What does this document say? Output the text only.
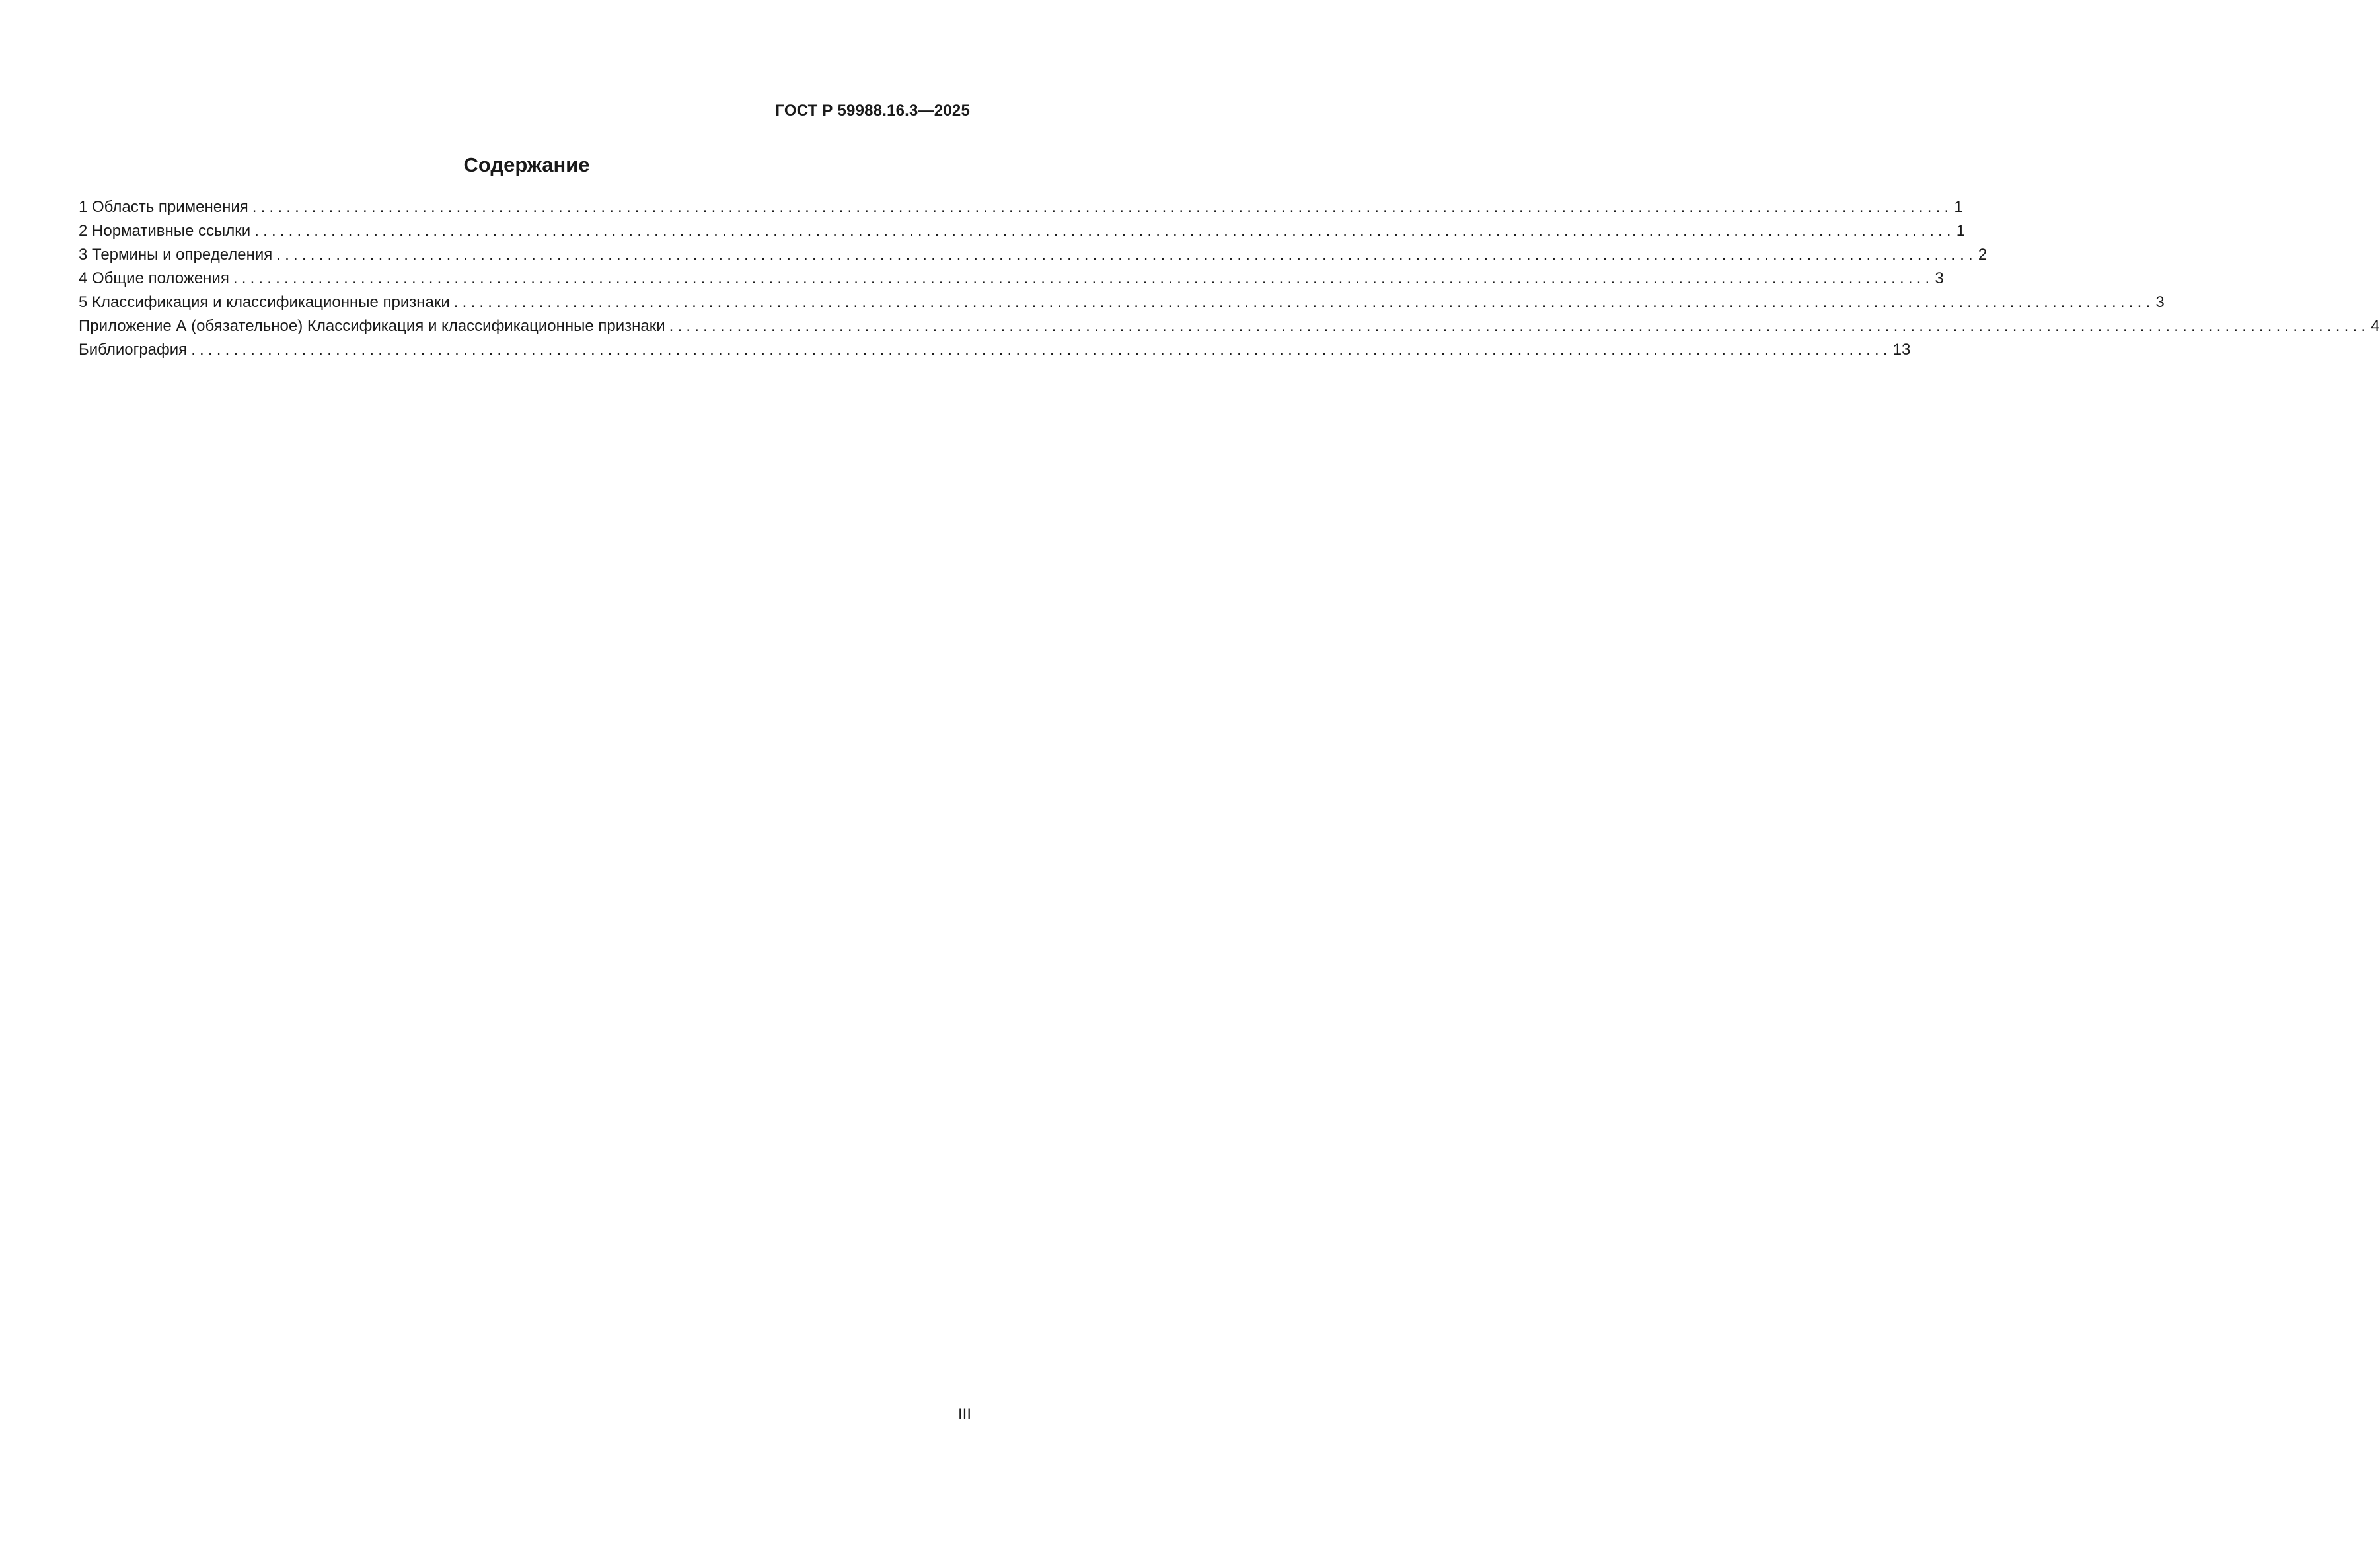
ГОСТ Р 59988.16.3—2025
Содержание
1 Область применения ........................................................................................................................................................................................................ 1
2 Нормативные ссылки ........................................................................................................................................................................................................ 1
3 Термины и определения ........................................................................................................................................................................................................ 2
4 Общие положения ........................................................................................................................................................................................................ 3
5 Классификация и классификационные признаки ........................................................................................................................................................................................................ 3
Приложение А (обязательное) Классификация и классификационные признаки ........................................................................................................................................................................................................ 4
Библиография ........................................................................................................................................................................................................ 13
III
